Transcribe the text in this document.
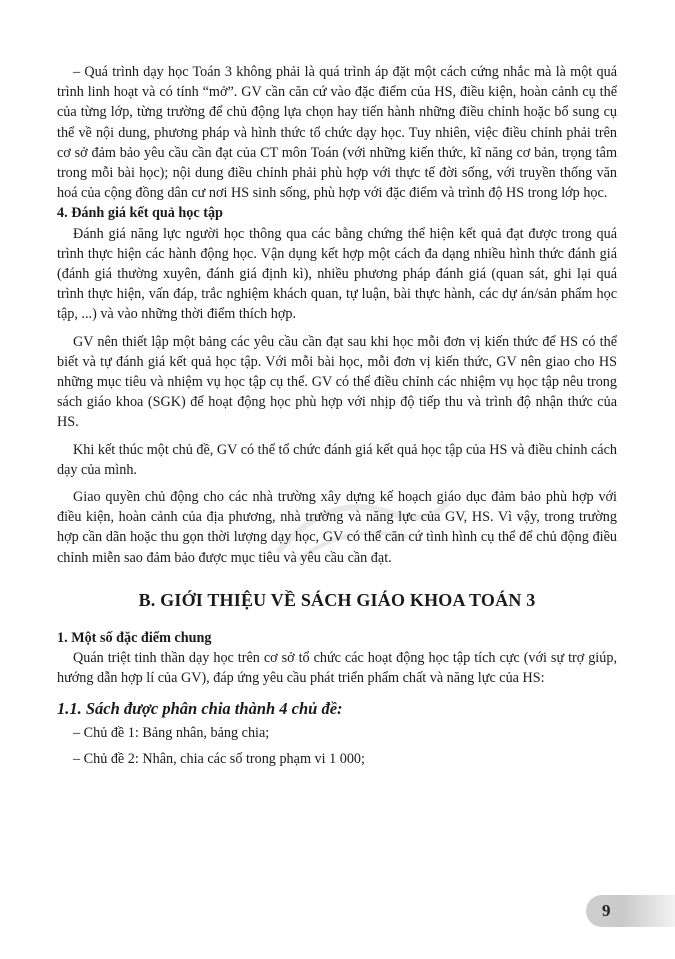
– Quá trình dạy học Toán 3 không phải là quá trình áp đặt một cách cứng nhắc mà là một quá trình linh hoạt và có tính “mở”. GV cần căn cứ vào đặc điểm của HS, điều kiện, hoàn cảnh cụ thể của từng lớp, từng trường để chủ động lựa chọn hay tiến hành những điều chỉnh hoặc bổ sung cụ thể về nội dung, phương pháp và hình thức tổ chức dạy học. Tuy nhiên, việc điều chỉnh phải trên cơ sở đảm bảo yêu cầu cần đạt của CT môn Toán (với những kiến thức, kĩ năng cơ bản, trọng tâm trong mỗi bài học); nội dung điều chỉnh phải phù hợp với thực tế đời sống, với truyền thống văn hoá của cộng đồng dân cư nơi HS sinh sống, phù hợp với đặc điểm và trình độ HS trong lớp học.

4. Đánh giá kết quả học tập

Đánh giá năng lực người học thông qua các bằng chứng thể hiện kết quả đạt được trong quá trình thực hiện các hành động học. Vận dụng kết hợp một cách đa dạng nhiều hình thức đánh giá (đánh giá thường xuyên, đánh giá định kì), nhiều phương pháp đánh giá (quan sát, ghi lại quá trình thực hiện, vấn đáp, trắc nghiệm khách quan, tự luận, bài thực hành, các dự án/sản phẩm học tập, ...) và vào những thời điểm thích hợp.

GV nên thiết lập một bảng các yêu cầu cần đạt sau khi học mỗi đơn vị kiến thức để HS có thể biết và tự đánh giá kết quả học tập. Với mỗi bài học, mỗi đơn vị kiến thức, GV nên giao cho HS những mục tiêu và nhiệm vụ học tập cụ thể. GV có thể điều chỉnh các nhiệm vụ học tập nêu trong sách giáo khoa (SGK) để hoạt động học phù hợp với nhịp độ tiếp thu và trình độ nhận thức của HS.

Khi kết thúc một chủ đề, GV có thể tổ chức đánh giá kết quả học tập của HS và điều chỉnh cách dạy của mình.

Giao quyền chủ động cho các nhà trường xây dựng kế hoạch giáo dục đảm bảo phù hợp với điều kiện, hoàn cảnh của địa phương, nhà trường và năng lực của GV, HS. Vì vậy, trong trường hợp cần dãn hoặc thu gọn thời lượng dạy học, GV có thể căn cứ tình hình cụ thể để chủ động điều chỉnh miễn sao đảm bảo được mục tiêu và yêu cầu cần đạt.

B. GIỚI THIỆU VỀ SÁCH GIÁO KHOA TOÁN 3

1. Một số đặc điểm chung

Quán triệt tinh thần dạy học trên cơ sở tổ chức các hoạt động học tập tích cực (với sự trợ giúp, hướng dẫn hợp lí của GV), đáp ứng yêu cầu phát triển phẩm chất và năng lực của HS:

1.1. Sách được phân chia thành 4 chủ đề:
– Chủ đề 1: Bảng nhân, bảng chia;
– Chủ đề 2: Nhân, chia các số trong phạm vi 1 000;
9
